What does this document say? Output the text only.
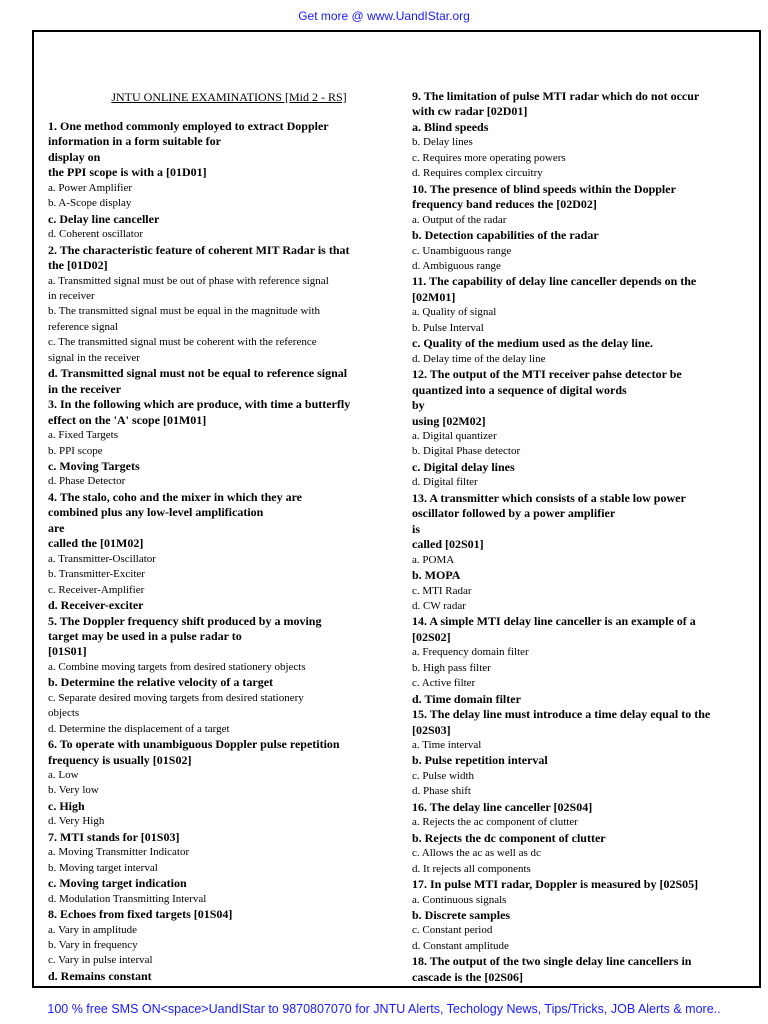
Get more @ www.UandIStar.org
JNTU ONLINE EXAMINATIONS [Mid 2 - RS]
1. One method commonly employed to extract Doppler
information in a form suitable for
display on
the PPI scope is with a [01D01]
a. Power Amplifier
b. A-Scope display
c. Delay line canceller
d. Coherent oscillator
2. The characteristic feature of coherent MIT Radar is that
the [01D02]
a. Transmitted signal must be out of phase with reference signal
in receiver
b. The transmitted signal must be equal in the magnitude with
reference signal
c. The transmitted signal must be coherent with the reference
signal in the receiver
d. Transmitted signal must not be equal to reference signal
in the receiver
3. In the following which are produce, with time a butterfly
effect on the 'A' scope [01M01]
a. Fixed Targets
b. PPI scope
c. Moving Targets
d. Phase Detector
4. The stalo, coho and the mixer in which they are
combined plus any low-level amplification
are
called the [01M02]
a. Transmitter-Oscillator
b. Transmitter-Exciter
c. Receiver-Amplifier
d. Receiver-exciter
5. The Doppler frequency shift produced by a moving
target may be used in a pulse radar to
[01S01]
a. Combine moving targets from desired stationery objects
b. Determine the relative velocity of a target
c. Separate desired moving targets from desired stationery
objects
d. Determine the displacement of a target
6. To operate with unambiguous Doppler pulse repetition
frequency is usually [01S02]
a. Low
b. Very low
c. High
d. Very High
7. MTI stands for [01S03]
a. Moving Transmitter Indicator
b. Moving target interval
c. Moving target indication
d. Modulation Transmitting Interval
8. Echoes from fixed targets [01S04]
a. Vary in amplitude
b. Vary in frequency
c. Vary in pulse interval
d. Remains constant
9. The limitation of pulse MTI radar which do not occur
with cw radar [02D01]
a. Blind speeds
b. Delay lines
c. Requires more operating powers
d. Requires complex circuitry
10. The presence of blind speeds within the Doppler
frequency band reduces the [02D02]
a. Output of the radar
b. Detection capabilities of the radar
c. Unambiguous range
d. Ambiguous range
11. The capability of delay line canceller depends on the
[02M01]
a. Quality of signal
b. Pulse Interval
c. Quality of the medium used as the delay line.
d. Delay time of the delay line
12. The output of the MTI receiver pahse detector be
quantized into a sequence of digital words
by
using [02M02]
a. Digital quantizer
b. Digital Phase detector
c. Digital delay lines
d. Digital filter
13. A transmitter which consists of a stable low power
oscillator followed by a power amplifier
is
called [02S01]
a. POMA
b. MOPA
c. MTI Radar
d. CW radar
14. A simple MTI delay line canceller is an example of a
[02S02]
a. Frequency domain filter
b. High pass filter
c. Active filter
d. Time domain filter
15. The delay line must introduce a time delay equal to the
[02S03]
a. Time interval
b. Pulse repetition interval
c. Pulse width
d. Phase shift
16. The delay line canceller [02S04]
a. Rejects the ac component of clutter
b. Rejects the dc component of clutter
c. Allows the ac as well as dc
d. It rejects all components
17. In pulse MTI radar, Doppler is measured by [02S05]
a. Continuous signals
b. Discrete samples
c. Constant period
d. Constant amplitude
18. The output of the two single delay line cancellers in
cascade is the [02S06]
100 % free SMS ON<space>UandIStar to 9870807070 for JNTU Alerts, Techology News, Tips/Tricks, JOB Alerts & more..
